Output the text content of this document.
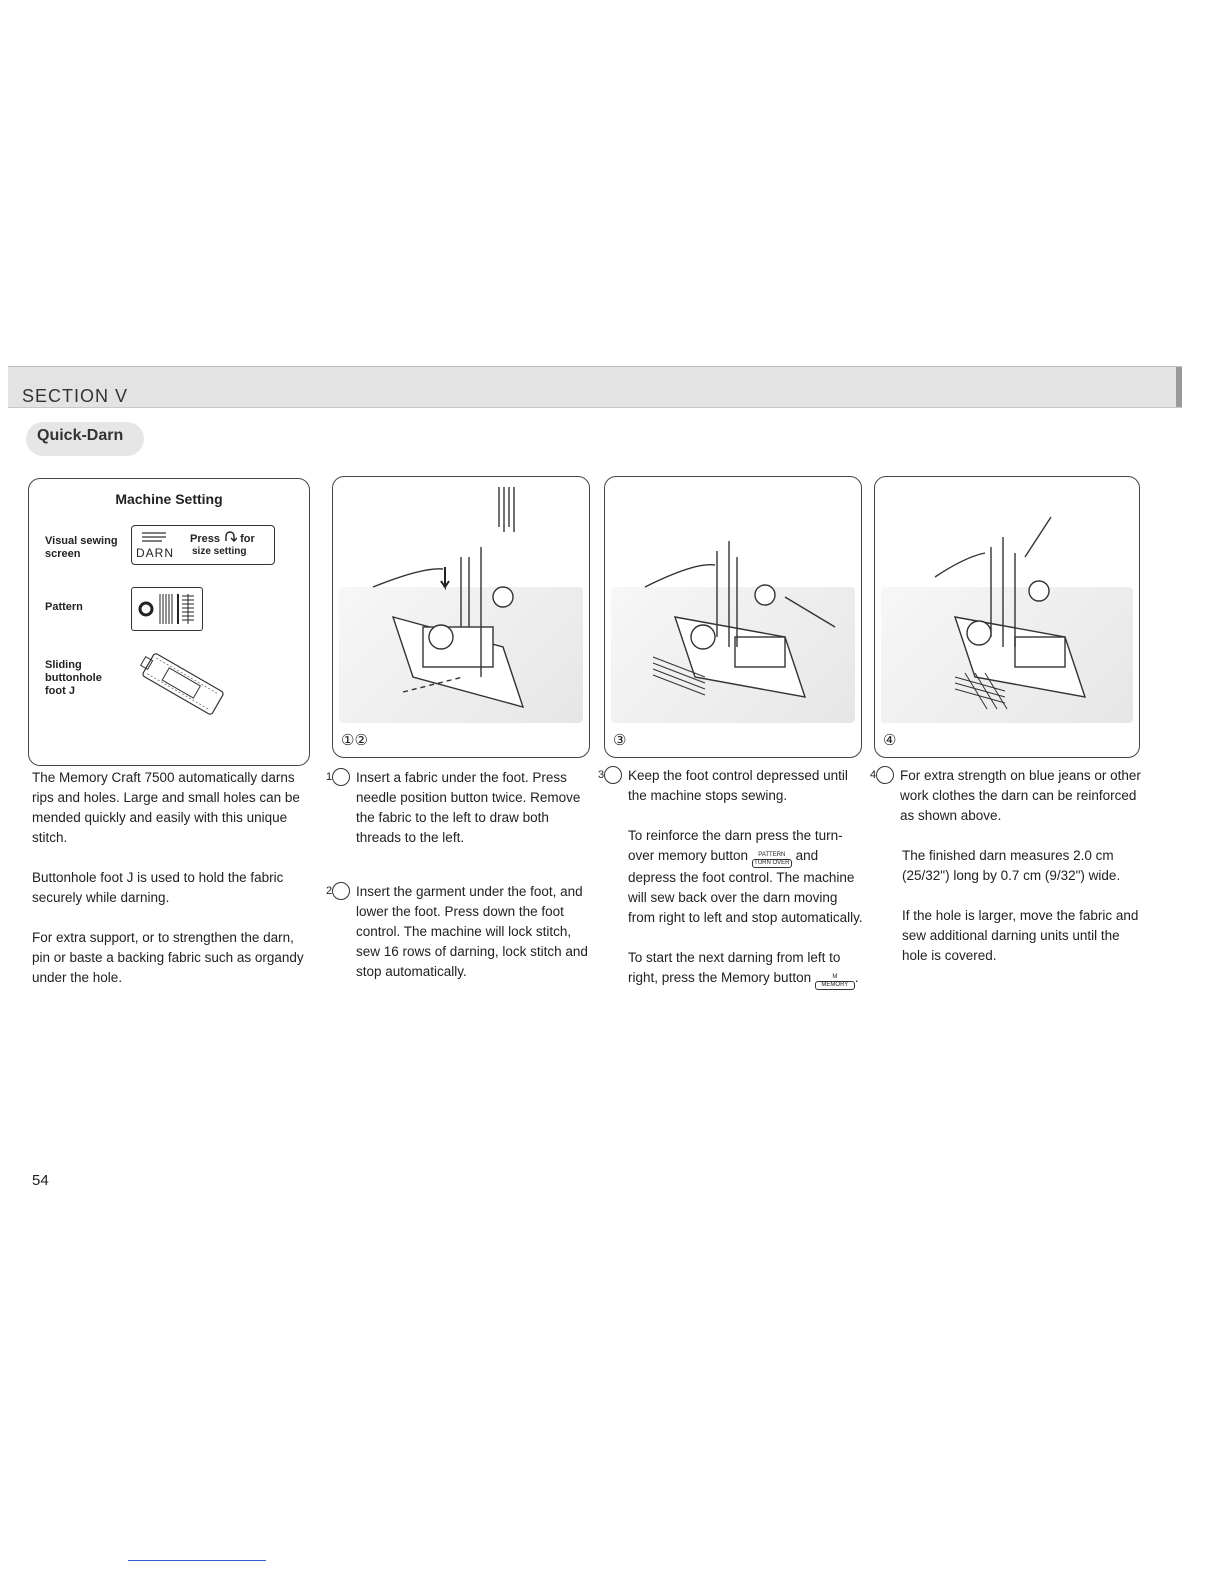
SECTION V
Quick-Darn
Machine Setting
Visual sewing screen	DARN
Press for
size setting
Pattern
Sliding buttonhole foot J
①②	③	④

The Memory Craft 7500 automatically darns rips and holes. Large and small holes can be mended quickly and easily with this unique stitch.

Buttonhole foot J is used to hold the fabric securely while darning.

For extra support, or to strengthen the darn, pin or baste a backing fabric such as organdy under the hole.

1 Insert a fabric under the foot. Press needle position button twice. Remove the fabric to the left to draw both threads to the left.

2 Insert the garment under the foot, and lower the foot. Press down the foot control. The machine will lock stitch, sew 16 rows of darning, lock stitch and stop automatically.

3 Keep the foot control depressed until the machine stops sewing.

To reinforce the darn press the turn-over memory button	PATTERN
TURN OVER and depress the foot control. The machine will sew back over the darn moving from right to left and stop automatically.

To start the next darning from left to right, press the Memory button	M
MEMORY .

4 For extra strength on blue jeans or other work clothes the darn can be reinforced as shown above.

The finished darn measures 2.0 cm (25/32") long by 0.7 cm (9/32") wide.

If the hole is larger, move the fabric and sew additional darning units until the hole is covered.

54
